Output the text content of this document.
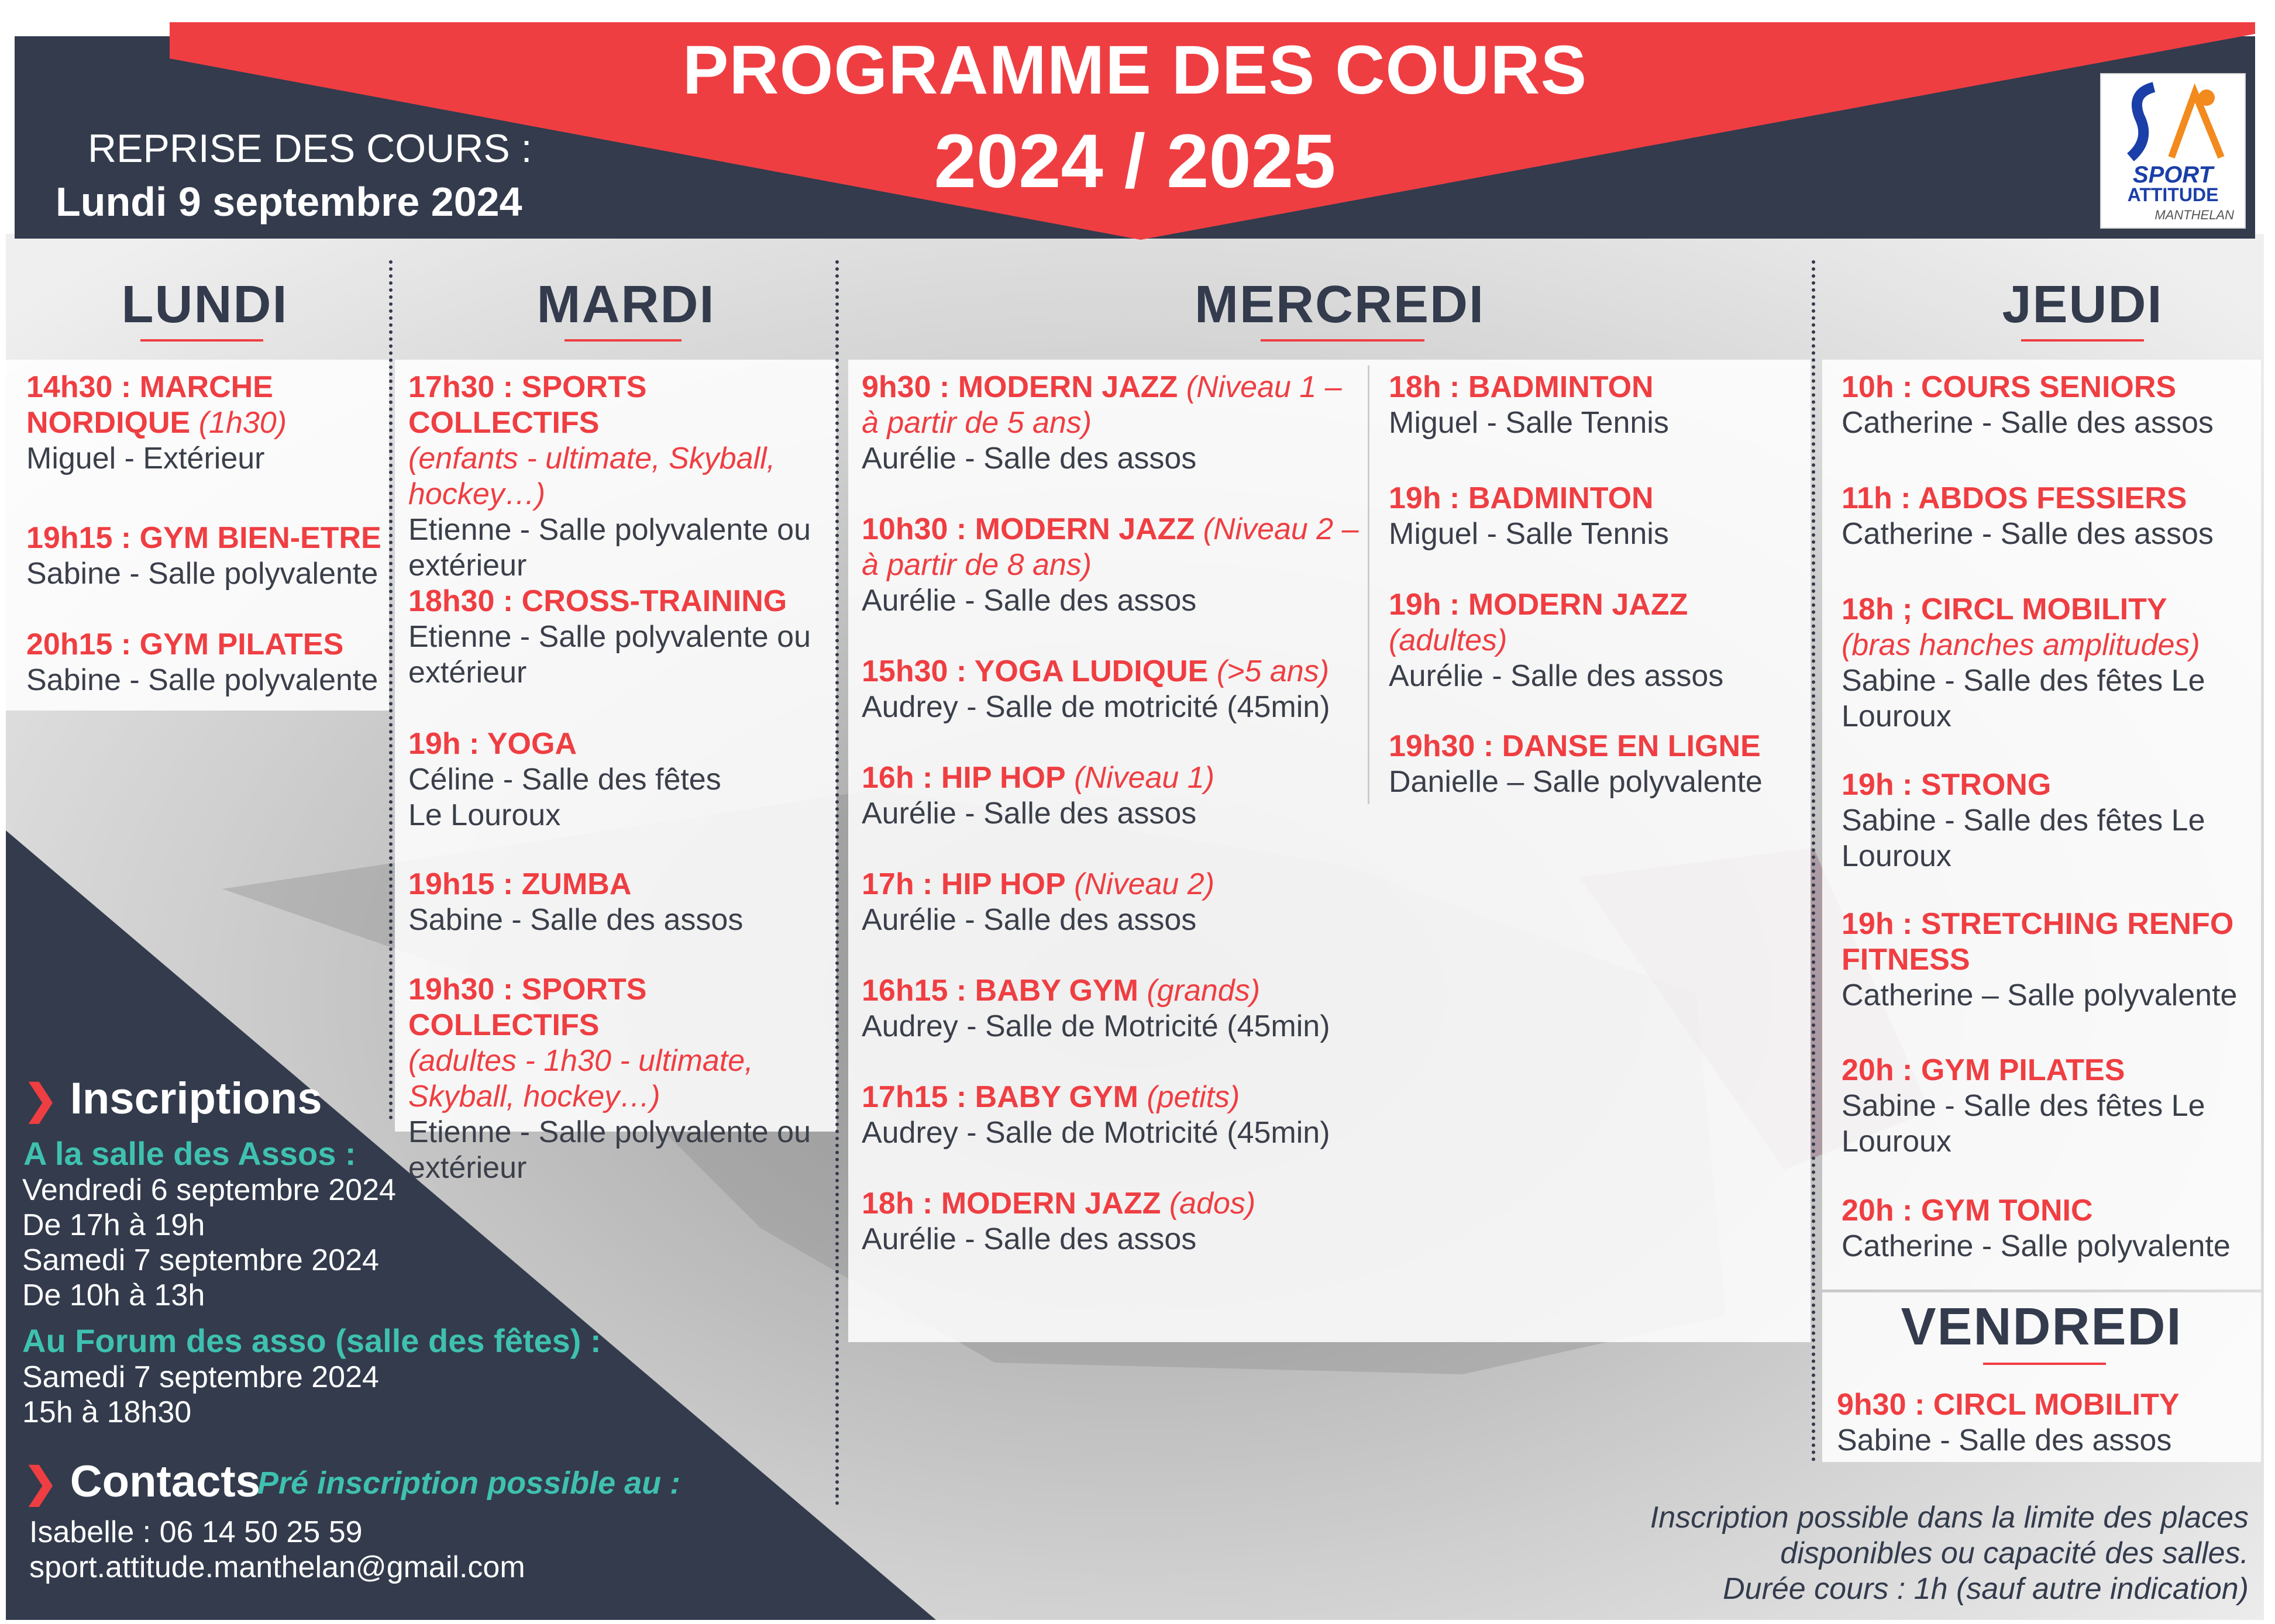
PROGRAMME DES COURS
2024 / 2025
REPRISE DES COURS :
Lundi 9 septembre 2024
SPORT
ATTITUDE
MANTHELAN
LUNDI	MARDI	MERCREDI	JEUDI
14h30 : MARCHE NORDIQUE (1h30)
Miguel - Extérieur
19h15 : GYM BIEN-ETRE
Sabine - Salle polyvalente
20h15 : GYM PILATES
Sabine - Salle polyvalente
17h30 : SPORTS COLLECTIFS
(enfants - ultimate, Skyball, hockey…)
Etienne - Salle polyvalente ou extérieur
18h30 : CROSS-TRAINING
Etienne - Salle polyvalente ou extérieur
19h : YOGA
Céline - Salle des fêtes Le Louroux
19h15 : ZUMBA
Sabine - Salle des assos
19h30 : SPORTS COLLECTIFS
(adultes - 1h30 - ultimate, Skyball, hockey…)
Etienne - Salle polyvalente ou extérieur
9h30 : MODERN JAZZ (Niveau 1 – à partir de 5 ans)
Aurélie - Salle des assos
10h30 : MODERN JAZZ (Niveau 2 – à partir de 8 ans)
Aurélie - Salle des assos
15h30 : YOGA LUDIQUE (>5 ans)
Audrey - Salle de motricité (45min)
16h : HIP HOP (Niveau 1)
Aurélie - Salle des assos
17h : HIP HOP (Niveau 2)
Aurélie - Salle des assos
16h15 : BABY GYM (grands)
Audrey - Salle de Motricité (45min)
17h15 : BABY GYM (petits)
Audrey - Salle de Motricité (45min)
18h : MODERN JAZZ (ados)
Aurélie - Salle des assos
18h : BADMINTON
Miguel - Salle Tennis
19h : BADMINTON
Miguel - Salle Tennis
19h : MODERN JAZZ
(adultes)
Aurélie - Salle des assos
19h30 : DANSE EN LIGNE
Danielle – Salle polyvalente
10h : COURS SENIORS
Catherine - Salle des assos
11h : ABDOS FESSIERS
Catherine - Salle des assos
18h ; CIRCL MOBILITY
(bras hanches amplitudes)
Sabine - Salle des fêtes Le Louroux
19h : STRONG
Sabine - Salle des fêtes Le Louroux
19h : STRETCHING RENFO FITNESS
Catherine – Salle polyvalente
20h : GYM PILATES
Sabine - Salle des fêtes Le Louroux
20h : GYM TONIC
Catherine - Salle polyvalente
VENDREDI
9h30 : CIRCL MOBILITY
Sabine - Salle des assos
❯ Inscriptions
A la salle des Assos :
Vendredi 6 septembre 2024
De 17h à 19h
Samedi 7 septembre 2024
De 10h à 13h
Au Forum des asso (salle des fêtes) :
Samedi 7 septembre 2024
15h à 18h30
❯ Contacts
Pré inscription possible au :
Isabelle : 06 14 50 25 59
sport.attitude.manthelan@gmail.com
Inscription possible dans la limite des places
disponibles ou capacité des salles.
Durée cours : 1h (sauf autre indication)
